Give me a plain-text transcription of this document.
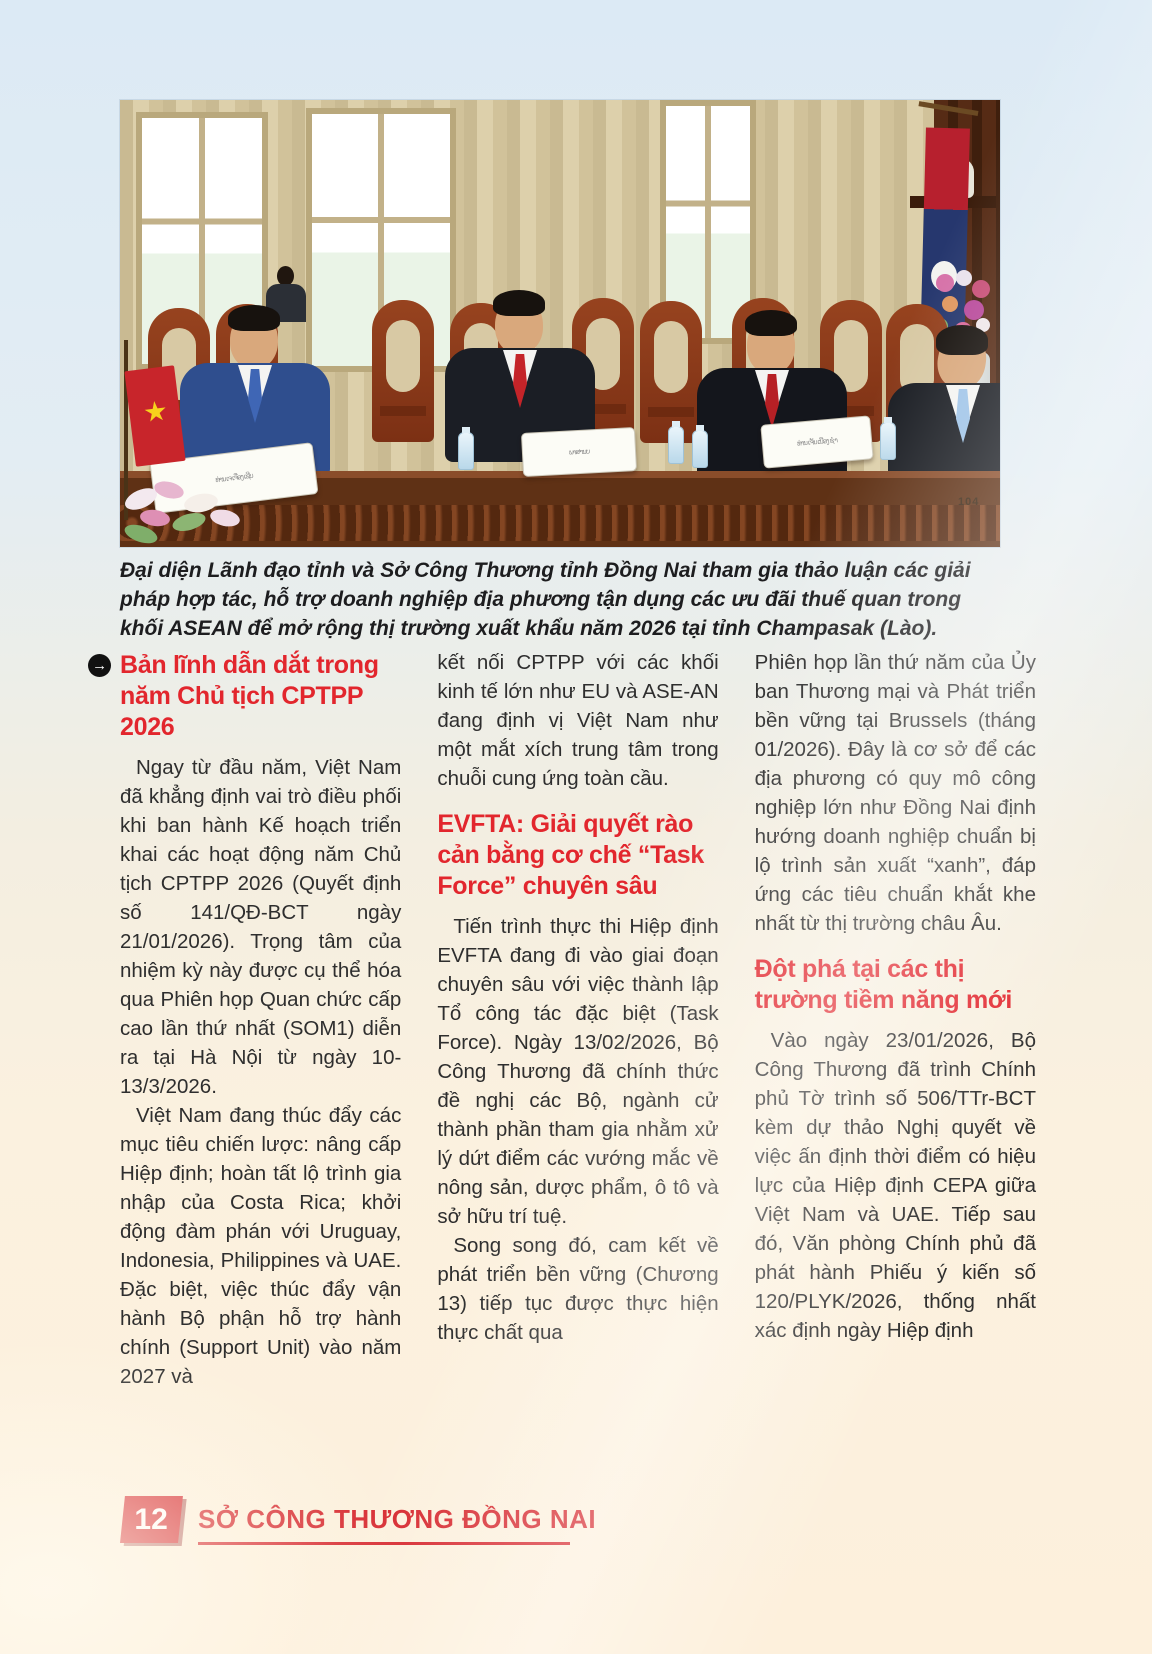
ທ່ານ ເຈ ເຈືອງ ເຊີບ
ພາສານບ
ທ່ານ ເຈັນ ເນືອງ ຊຳ
104
Đại diện Lãnh đạo tỉnh và Sở Công Thương tỉnh Đồng Nai tham gia thảo luận các giải pháp hợp tác, hỗ trợ doanh nghiệp địa phương tận dụng các ưu đãi thuế quan trong khối ASEAN để mở rộng thị trường xuất khẩu năm 2026 tại tỉnh Champasak (Lào).
→ Bản lĩnh dẫn dắt trong năm Chủ tịch CPTPP 2026

Ngay từ đầu năm, Việt Nam đã khẳng định vai trò điều phối khi ban hành Kế hoạch triển khai các hoạt động năm Chủ tịch CPTPP 2026 (Quyết định số 141/QĐ-BCT ngày 21/01/2026). Trọng tâm của nhiệm kỳ này được cụ thể hóa qua Phiên họp Quan chức cấp cao lần thứ nhất (SOM1) diễn ra tại Hà Nội từ ngày 10-13/3/2026.

Việt Nam đang thúc đẩy các mục tiêu chiến lược: nâng cấp Hiệp định; hoàn tất lộ trình gia nhập của Costa Rica; khởi động đàm phán với Uruguay, Indonesia, Philippines và UAE. Đặc biệt, việc thúc đẩy vận hành Bộ phận hỗ trợ hành chính (Support Unit) vào năm 2027 và

kết nối CPTPP với các khối kinh tế lớn như EU và ASE-AN đang định vị Việt Nam như một mắt xích trung tâm trong chuỗi cung ứng toàn cầu.

EVFTA: Giải quyết rào cản bằng cơ chế “Task Force” chuyên sâu

Tiến trình thực thi Hiệp định EVFTA đang đi vào giai đoạn chuyên sâu với việc thành lập Tổ công tác đặc biệt (Task Force). Ngày 13/02/2026, Bộ Công Thương đã chính thức đề nghị các Bộ, ngành cử thành phần tham gia nhằm xử lý dứt điểm các vướng mắc về nông sản, dược phẩm, ô tô và sở hữu trí tuệ.

Song song đó, cam kết về phát triển bền vững (Chương 13) tiếp tục được thực hiện thực chất qua

Phiên họp lần thứ năm của Ủy ban Thương mại và Phát triển bền vững tại Brussels (tháng 01/2026). Đây là cơ sở để các địa phương có quy mô công nghiệp lớn như Đồng Nai định hướng doanh nghiệp chuẩn bị lộ trình sản xuất “xanh”, đáp ứng các tiêu chuẩn khắt khe nhất từ thị trường châu Âu.

Đột phá tại các thị trường tiềm năng mới

Vào ngày 23/01/2026, Bộ Công Thương đã trình Chính phủ Tờ trình số 506/TTr-BCT kèm dự thảo Nghị quyết về việc ấn định thời điểm có hiệu lực của Hiệp định CEPA giữa Việt Nam và UAE. Tiếp sau đó, Văn phòng Chính phủ đã phát hành Phiếu ý kiến số 120/PLYK/2026, thống nhất xác định ngày Hiệp định

12 SỞ CÔNG THƯƠNG ĐỒNG NAI
